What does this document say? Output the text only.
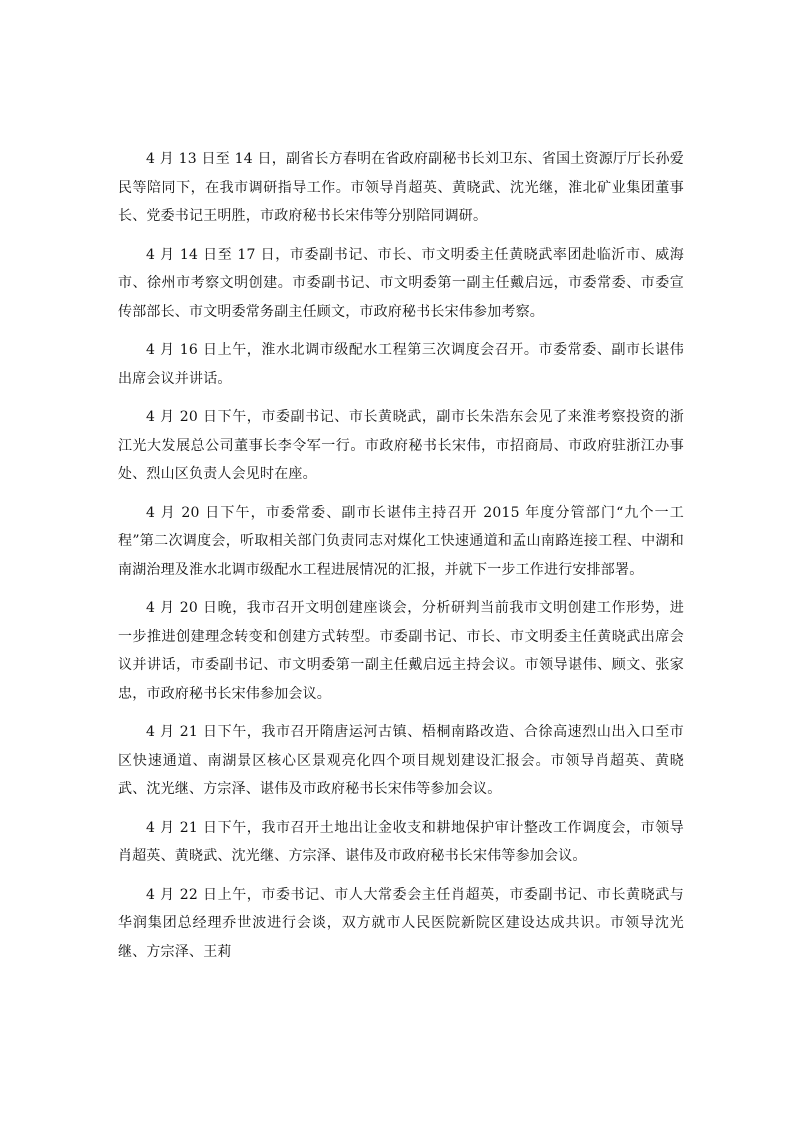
4 月 13 日至 14 日，副省长方春明在省政府副秘书长刘卫东、省国土资源厅厅长孙爱民等陪同下，在我市调研指导工作。市领导肖超英、黄晓武、沈光继，淮北矿业集团董事长、党委书记王明胜，市政府秘书长宋伟等分别陪同调研。

4 月 14 日至 17 日，市委副书记、市长、市文明委主任黄晓武率团赴临沂市、威海市、徐州市考察文明创建。市委副书记、市文明委第一副主任戴启远，市委常委、市委宣传部部长、市文明委常务副主任顾文，市政府秘书长宋伟参加考察。

4 月 16 日上午，淮水北调市级配水工程第三次调度会召开。市委常委、副市长谌伟出席会议并讲话。

4 月 20 日下午，市委副书记、市长黄晓武，副市长朱浩东会见了来淮考察投资的浙江光大发展总公司董事长李令军一行。市政府秘书长宋伟，市招商局、市政府驻浙江办事处、烈山区负责人会见时在座。

4 月 20 日下午，市委常委、副市长谌伟主持召开 2015 年度分管部门“九个一工程”第二次调度会，听取相关部门负责同志对煤化工快速通道和孟山南路连接工程、中湖和南湖治理及淮水北调市级配水工程进展情况的汇报，并就下一步工作进行安排部署。

4 月 20 日晚，我市召开文明创建座谈会，分析研判当前我市文明创建工作形势，进一步推进创建理念转变和创建方式转型。市委副书记、市长、市文明委主任黄晓武出席会议并讲话，市委副书记、市文明委第一副主任戴启远主持会议。市领导谌伟、顾文、张家忠，市政府秘书长宋伟参加会议。

4 月 21 日下午，我市召开隋唐运河古镇、梧桐南路改造、合徐高速烈山出入口至市区快速通道、南湖景区核心区景观亮化四个项目规划建设汇报会。市领导肖超英、黄晓武、沈光继、方宗泽、谌伟及市政府秘书长宋伟等参加会议。

4 月 21 日下午，我市召开土地出让金收支和耕地保护审计整改工作调度会，市领导肖超英、黄晓武、沈光继、方宗泽、谌伟及市政府秘书长宋伟等参加会议。

4 月 22 日上午，市委书记、市人大常委会主任肖超英，市委副书记、市长黄晓武与华润集团总经理乔世波进行会谈，双方就市人民医院新院区建设达成共识。市领导沈光继、方宗泽、王莉
